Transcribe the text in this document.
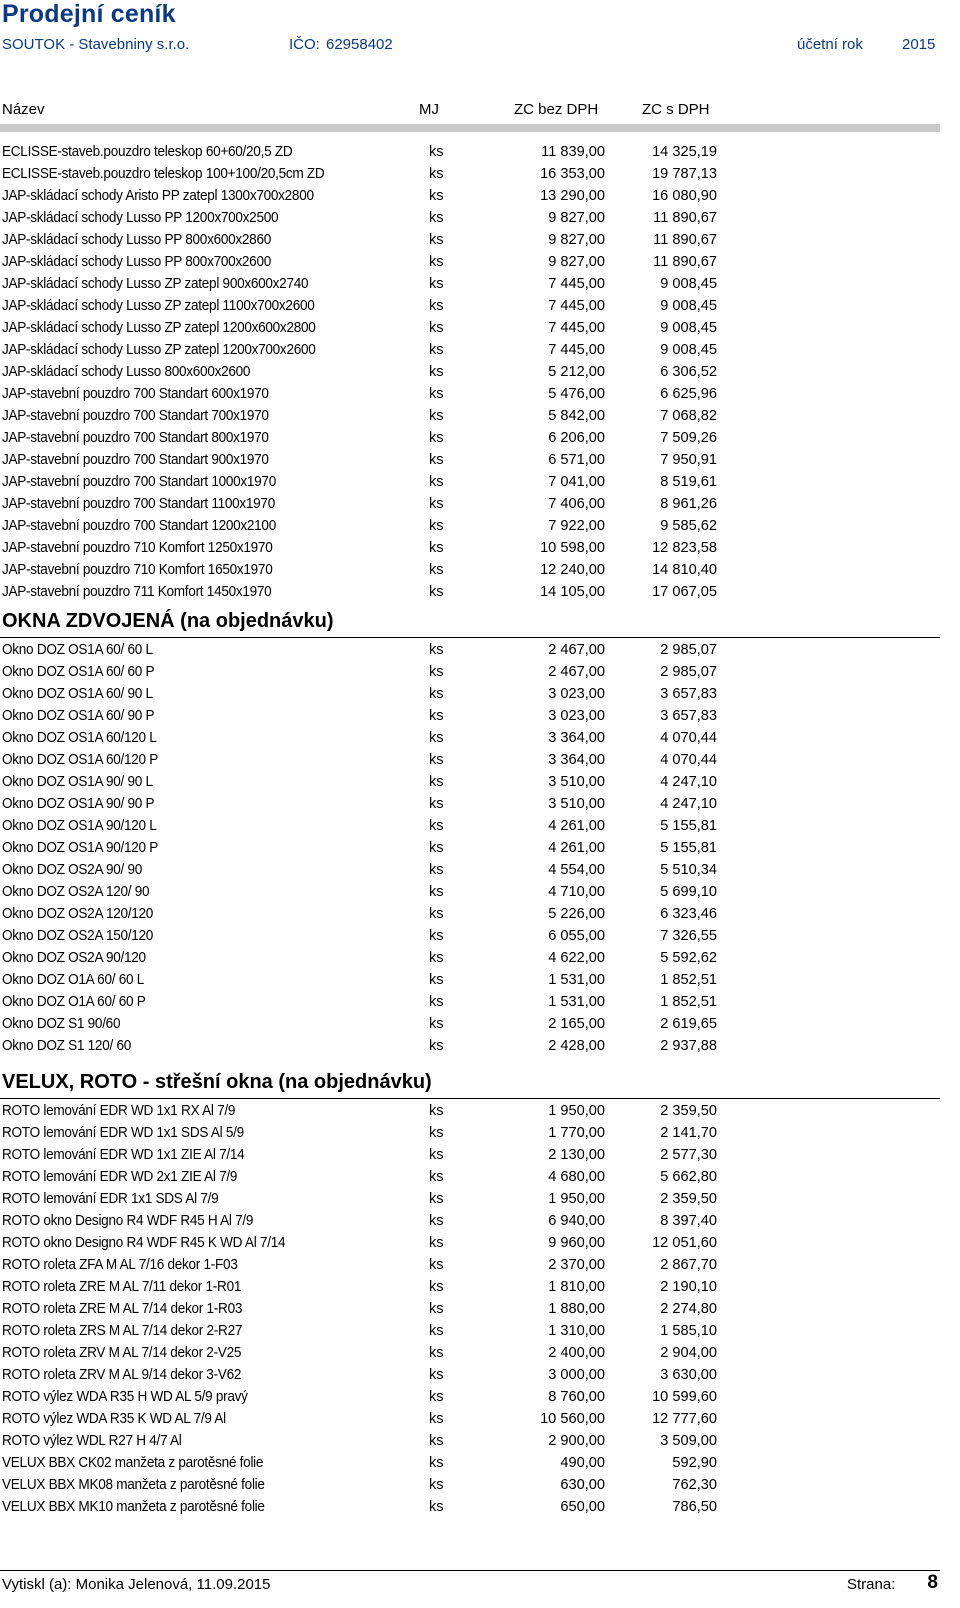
Prodejní ceník
SOUTOK - Stavebniny s.r.o.	IČO: 62958402	účetní rok	2015
Název	MJ	ZC bez DPH	ZC s DPH
ECLISSE-staveb.pouzdro teleskop 60+60/20,5 ZD	ks	11 839,00	14 325,19
ECLISSE-staveb.pouzdro teleskop 100+100/20,5cm ZD	ks	16 353,00	19 787,13
JAP-skládací schody Aristo PP zatepl 1300x700x2800	ks	13 290,00	16 080,90
JAP-skládací schody Lusso PP 1200x700x2500	ks	9 827,00	11 890,67
JAP-skládací schody Lusso PP 800x600x2860	ks	9 827,00	11 890,67
JAP-skládací schody Lusso PP 800x700x2600	ks	9 827,00	11 890,67
JAP-skládací schody Lusso ZP zatepl 900x600x2740	ks	7 445,00	9 008,45
JAP-skládací schody Lusso ZP zatepl 1100x700x2600	ks	7 445,00	9 008,45
JAP-skládací schody Lusso ZP zatepl 1200x600x2800	ks	7 445,00	9 008,45
JAP-skládací schody Lusso ZP zatepl 1200x700x2600	ks	7 445,00	9 008,45
JAP-skládací schody Lusso 800x600x2600	ks	5 212,00	6 306,52
JAP-stavební pouzdro 700 Standart 600x1970	ks	5 476,00	6 625,96
JAP-stavební pouzdro 700 Standart 700x1970	ks	5 842,00	7 068,82
JAP-stavební pouzdro 700 Standart 800x1970	ks	6 206,00	7 509,26
JAP-stavební pouzdro 700 Standart 900x1970	ks	6 571,00	7 950,91
JAP-stavební pouzdro 700 Standart 1000x1970	ks	7 041,00	8 519,61
JAP-stavební pouzdro 700 Standart 1100x1970	ks	7 406,00	8 961,26
JAP-stavební pouzdro 700 Standart 1200x2100	ks	7 922,00	9 585,62
JAP-stavební pouzdro 710 Komfort 1250x1970	ks	10 598,00	12 823,58
JAP-stavební pouzdro 710 Komfort 1650x1970	ks	12 240,00	14 810,40
JAP-stavební pouzdro 711 Komfort 1450x1970	ks	14 105,00	17 067,05
OKNA ZDVOJENÁ (na objednávku)
Okno DOZ OS1A 60/ 60 L	ks	2 467,00	2 985,07
Okno DOZ OS1A 60/ 60 P	ks	2 467,00	2 985,07
Okno DOZ OS1A 60/ 90 L	ks	3 023,00	3 657,83
Okno DOZ OS1A 60/ 90 P	ks	3 023,00	3 657,83
Okno DOZ OS1A 60/120 L	ks	3 364,00	4 070,44
Okno DOZ OS1A 60/120 P	ks	3 364,00	4 070,44
Okno DOZ OS1A 90/ 90 L	ks	3 510,00	4 247,10
Okno DOZ OS1A 90/ 90 P	ks	3 510,00	4 247,10
Okno DOZ OS1A 90/120 L	ks	4 261,00	5 155,81
Okno DOZ OS1A 90/120 P	ks	4 261,00	5 155,81
Okno DOZ OS2A 90/ 90	ks	4 554,00	5 510,34
Okno DOZ OS2A 120/ 90	ks	4 710,00	5 699,10
Okno DOZ OS2A 120/120	ks	5 226,00	6 323,46
Okno DOZ OS2A 150/120	ks	6 055,00	7 326,55
Okno DOZ OS2A 90/120	ks	4 622,00	5 592,62
Okno DOZ O1A 60/ 60 L	ks	1 531,00	1 852,51
Okno DOZ O1A 60/ 60 P	ks	1 531,00	1 852,51
Okno DOZ S1 90/60	ks	2 165,00	2 619,65
Okno DOZ S1 120/ 60	ks	2 428,00	2 937,88
VELUX, ROTO - střešní okna (na objednávku)
ROTO lemování EDR WD 1x1 RX Al 7/9	ks	1 950,00	2 359,50
ROTO lemování EDR WD 1x1 SDS Al 5/9	ks	1 770,00	2 141,70
ROTO lemování EDR WD 1x1 ZIE Al 7/14	ks	2 130,00	2 577,30
ROTO lemování EDR WD 2x1 ZIE Al 7/9	ks	4 680,00	5 662,80
ROTO lemování EDR 1x1 SDS Al 7/9	ks	1 950,00	2 359,50
ROTO okno Designo R4 WDF R45 H Al 7/9	ks	6 940,00	8 397,40
ROTO okno Designo R4 WDF R45 K WD Al 7/14	ks	9 960,00	12 051,60
ROTO roleta ZFA M AL 7/16 dekor 1-F03	ks	2 370,00	2 867,70
ROTO roleta ZRE M AL 7/11 dekor 1-R01	ks	1 810,00	2 190,10
ROTO roleta ZRE M AL 7/14 dekor 1-R03	ks	1 880,00	2 274,80
ROTO roleta ZRS M AL 7/14 dekor 2-R27	ks	1 310,00	1 585,10
ROTO roleta ZRV M AL 7/14 dekor 2-V25	ks	2 400,00	2 904,00
ROTO roleta ZRV M AL 9/14 dekor 3-V62	ks	3 000,00	3 630,00
ROTO výlez WDA R35 H WD AL 5/9 pravý	ks	8 760,00	10 599,60
ROTO výlez WDA R35 K WD AL 7/9 Al	ks	10 560,00	12 777,60
ROTO výlez WDL R27 H 4/7 Al	ks	2 900,00	3 509,00
VELUX BBX CK02 manžeta z parotěsné folie	ks	490,00	592,90
VELUX BBX MK08 manžeta z parotěsné folie	ks	630,00	762,30
VELUX BBX MK10 manžeta z parotěsné folie	ks	650,00	786,50
Vytiskl (a): Monika Jelenová, 11.09.2015	Strana: 8
